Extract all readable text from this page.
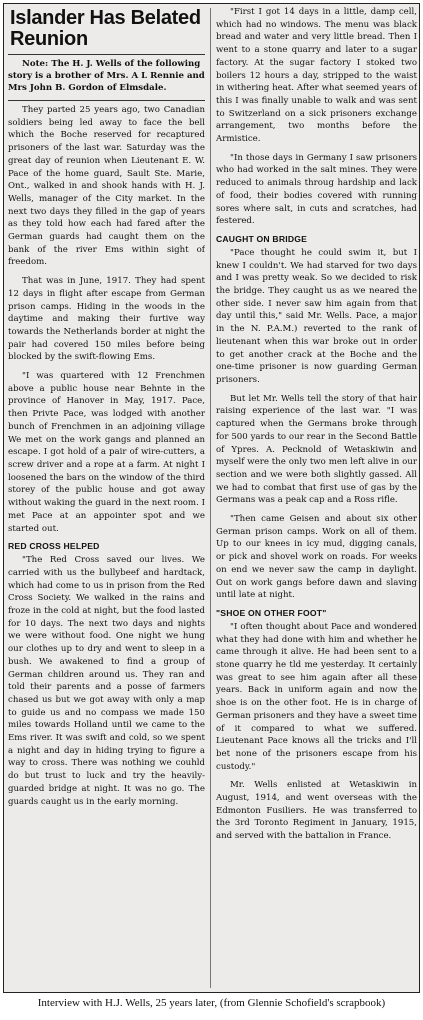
Islander Has Belated Reunion
Note: The H. J. Wells of the following story is a brother of Mrs. A L Rennie and Mrs John B. Gordon of Elmsdale.
They parted 25 years ago, two Canadian soldiers being led away to face the bell which the Boche reserved for recaptured prisoners of the last war. Saturday was the great day of reunion when Lieutenant E. W. Pace of the home guard, Sault Ste. Marie, Ont., walked in and shook hands with H. J. Wells, manager of the City market. In the next two days they filled in the gap of years as they told how each had fared after the German guards had caught them on the bank of the river Ems within sight of freedom.
That was in June, 1917. They had spent 12 days in flight after escape from German prison camps. Hiding in the woods in the daytime and making their furtive way towards the Netherlands border at night the pair had covered 150 miles before being blocked by the swift-flowing Ems.
"I was quartered with 12 Frenchmen above a public house near Behnte in the province of Hanover in May, 1917. Pace, then Privte Pace, was lodged with another bunch of Frenchmen in an adjoining village We met on the work gangs and planned an escape. I got hold of a pair of wire-cutters, a screw driver and a rope at a farm. At night I loosened the bars on the window of the third storey of the public house and got away without waking the guard in the next room. I met Pace at an appointer spot and we started out.
RED CROSS HELPED
"The Red Cross saved our lives. We carried with us the bullybeef and hardtack, which had come to us in prison from the Red Cross Society. We walked in the rains and froze in the cold at night, but the food lasted for 10 days. The next two days and nights we were without food. One night we hung our clothes up to dry and went to sleep in a bush. We awakened to find a group of German children around us. They ran and told their parents and a posse of farmers chased us but we got away with only a map to guide us and no compass we made 150 miles towards Holland until we came to the Ems river. It was swift and cold, so we spent a night and day in hiding trying to figure a way to cross. There was nothing we couhld do but trust to luck and try the heavily-guarded bridge at night. It was no go. The guards caught us in the early morning.
"First I got 14 days in a little, damp cell, which had no windows. The menu was black bread and water and very little bread. Then I went to a stone quarry and later to a sugar factory. At the sugar factory I stoked two boilers 12 hours a day, stripped to the waist in withering heat. After what seemed years of this I was finally unable to walk and was sent to Switzerland on a sick prisoners exchange arrangement, two months before the Armistice.
"In those days in Germany I saw prisoners who had worked in the salt mines. They were reduced to animals throug hardship and lack of food, their bodies covered with running sores where salt, in cuts and scratches, had festered.
CAUGHT ON BRIDGE
"Pace thought he could swim it, but I knew I couldn't. We had starved for two days and I was pretty weak. So we decided to risk the bridge. They caught us as we neared the other side. I never saw him again from that day until this," said Mr. Wells. Pace, a major in the N. P.A.M.) reverted to the rank of lieutenant when this war broke out in order to get another crack at the Boche and the one-time prisoner is now guarding German prisoners.
But let Mr. Wells tell the story of that hair raising experience of the last war. "I was captured when the Germans broke through for 500 yards to our rear in the Second Battle of Ypres. A. Pecknold of Wetaskiwin and myself were the only two men left alive in our section and we were both slightly gassed. All we had to combat that first use of gas by the Germans was a peak cap and a Ross rifle.
"Then came Geisen and about six other German prison camps. Work on all of them. Up to our knees in icy mud, digging canals, or pick and shovel work on roads. For weeks on end we never saw the camp in daylight. Out on work gangs before dawn and slaving until late at night.
"SHOE ON OTHER FOOT"
"I often thought about Pace and wondered what they had done with him and whether he came through it alive. He had been sent to a stone quarry he tld me yesterday. It certainly was great to see him again after all these years. Back in uniform again and now the shoe is on the other foot. He is in charge of German prisoners and they have a sweet time of it compared to what we suffered. Lieutenant Pace knows all the tricks and I'll bet none of the prisoners escape from his custody."
Mr. Wells enlisted at Wetaskiwin in August, 1914, and went overseas with the Edmonton Fusiliers. He was transferred to the 3rd Toronto Regiment in January, 1915, and served with the battalion in France.
Interview with H.J. Wells, 25 years later, (from Glennie Schofield's scrapbook)
